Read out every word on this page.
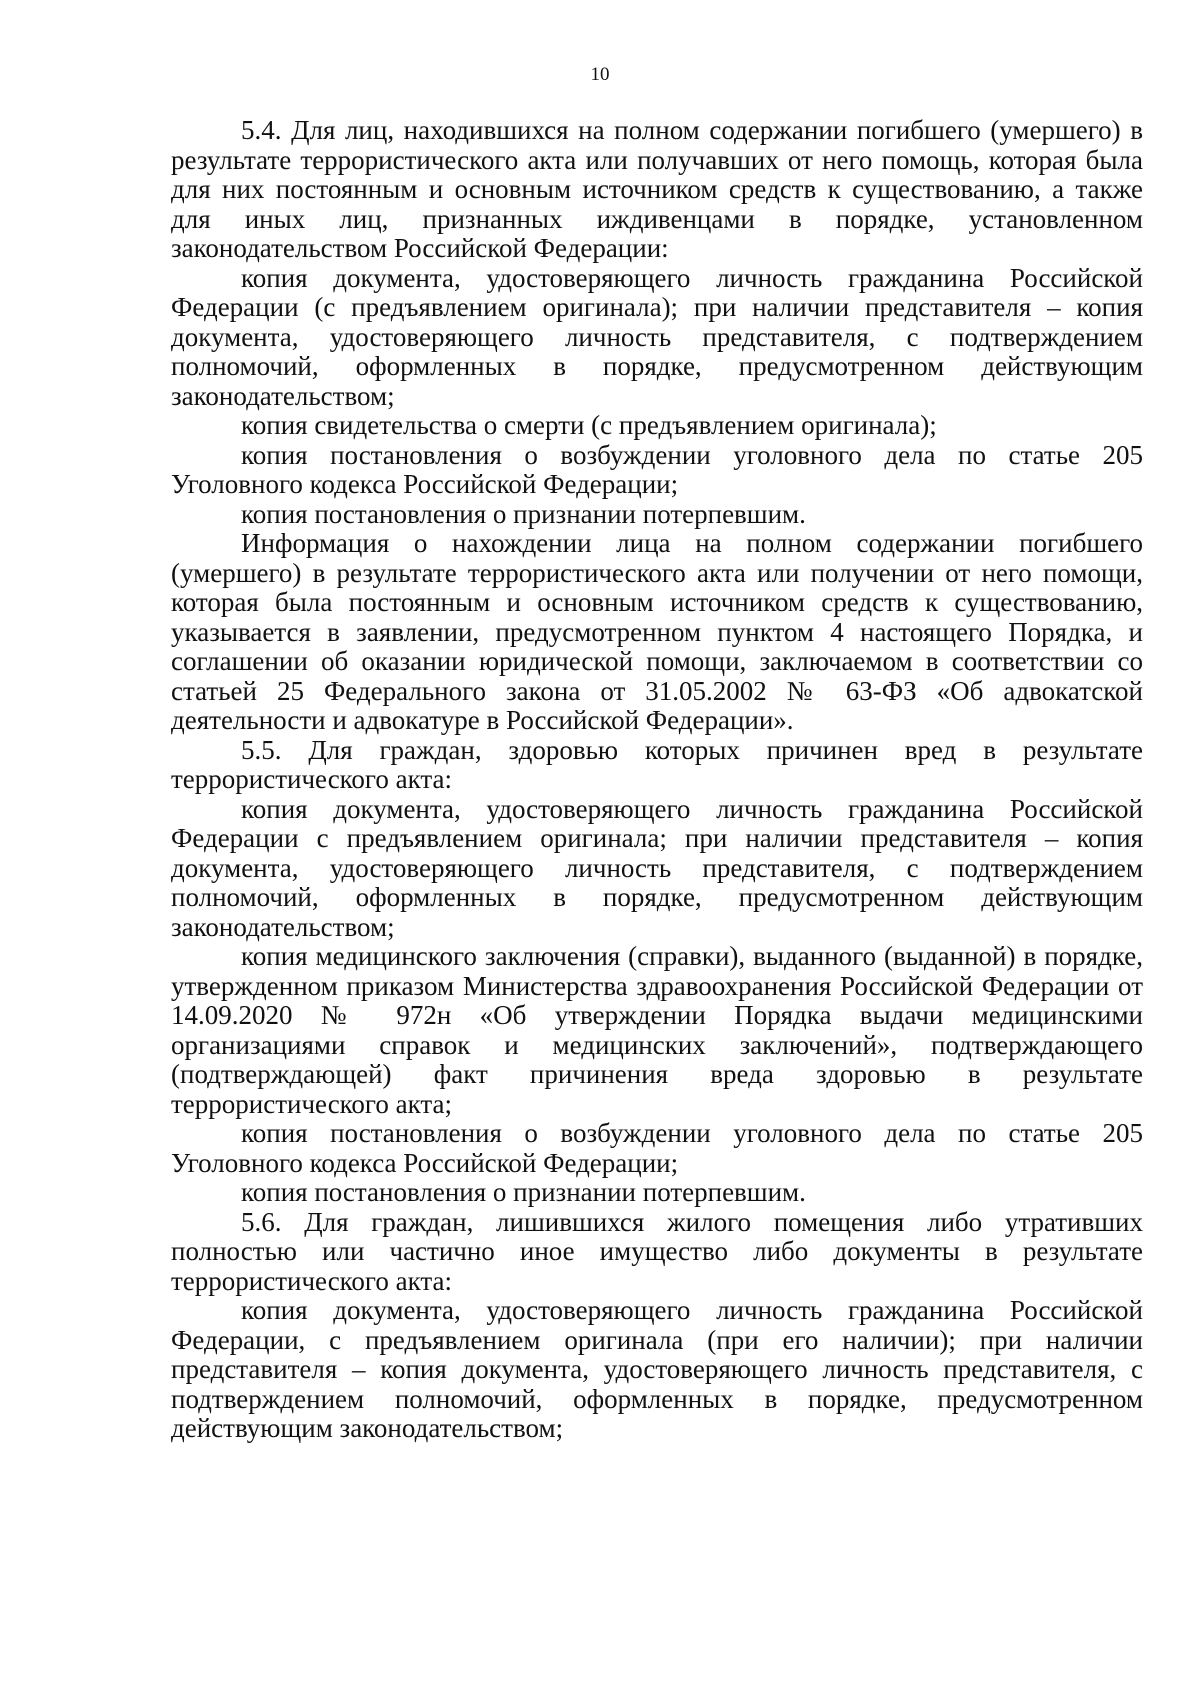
10

5.4. Для лиц, находившихся на полном содержании погибшего (умершего) в результате террористического акта или получавших от него помощь, которая была для них постоянным и основным источником средств к существованию, а также для иных лиц, признанных иждивенцами в порядке, установленном законодательством Российской Федерации:

копия документа, удостоверяющего личность гражданина Российской Федерации (с предъявлением оригинала); при наличии представителя – копия документа, удостоверяющего личность представителя, с подтверждением полномочий, оформленных в порядке, предусмотренном действующим законодательством;

копия свидетельства о смерти (с предъявлением оригинала);

копия постановления о возбуждении уголовного дела по статье 205 Уголовного кодекса Российской Федерации;

копия постановления о признании потерпевшим.

Информация о нахождении лица на полном содержании погибшего (умершего) в результате террористического акта или получении от него помощи, которая была постоянным и основным источником средств к существованию, указывается в заявлении, предусмотренном пунктом 4 настоящего Порядка, и соглашении об оказании юридической помощи, заключаемом в соответствии со статьей 25 Федерального закона от 31.05.2002 № 63-ФЗ «Об адвокатской деятельности и адвокатуре в Российской Федерации».

5.5. Для граждан, здоровью которых причинен вред в результате террористического акта:

копия документа, удостоверяющего личность гражданина Российской Федерации с предъявлением оригинала; при наличии представителя – копия документа, удостоверяющего личность представителя, с подтверждением полномочий, оформленных в порядке, предусмотренном действующим законодательством;

копия медицинского заключения (справки), выданного (выданной) в порядке, утвержденном приказом Министерства здравоохранения Российской Федерации от 14.09.2020 № 972н «Об утверждении Порядка выдачи медицинскими организациями справок и медицинских заключений», подтверждающего (подтверждающей) факт причинения вреда здоровью в результате террористического акта;

копия постановления о возбуждении уголовного дела по статье 205 Уголовного кодекса Российской Федерации;

копия постановления о признании потерпевшим.

5.6. Для граждан, лишившихся жилого помещения либо утративших полностью или частично иное имущество либо документы в результате террористического акта:

копия документа, удостоверяющего личность гражданина Российской Федерации, с предъявлением оригинала (при его наличии); при наличии представителя – копия документа, удостоверяющего личность представителя, с подтверждением полномочий, оформленных в порядке, предусмотренном действующим законодательством;
